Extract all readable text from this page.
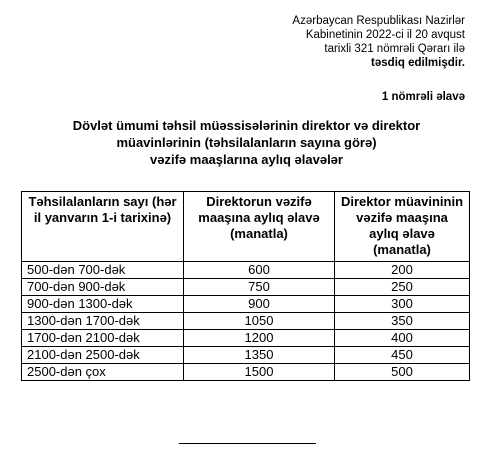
Azərbaycan Respublikası Nazirlər
Kabinetinin 2022-ci il 20 avqust
tarixli 321 nömrəli Qərarı ilə
təsdiq edilmişdir.
1 nömrəli əlavə
Dövlət ümumi təhsil müəssisələrinin direktor və direktor
müavinlərinin (təhsilalanların sayına görə)
vəzifə maaşlarına aylıq əlavələr
Təhsilalanların sayı (hər il yanvarın 1-i tarixinə)	Direktorun vəzifə maaşına aylıq əlavə (manatla)	Direktor müavininin vəzifə maaşına aylıq əlavə (manatla)
500-dən 700-dək	600	200
700-dən 900-dək	750	250
900-dən 1300-dək	900	300
1300-dən 1700-dək	1050	350
1700-dən 2100-dək	1200	400
2100-dən 2500-dək	1350	450
2500-dən çox	1500	500
